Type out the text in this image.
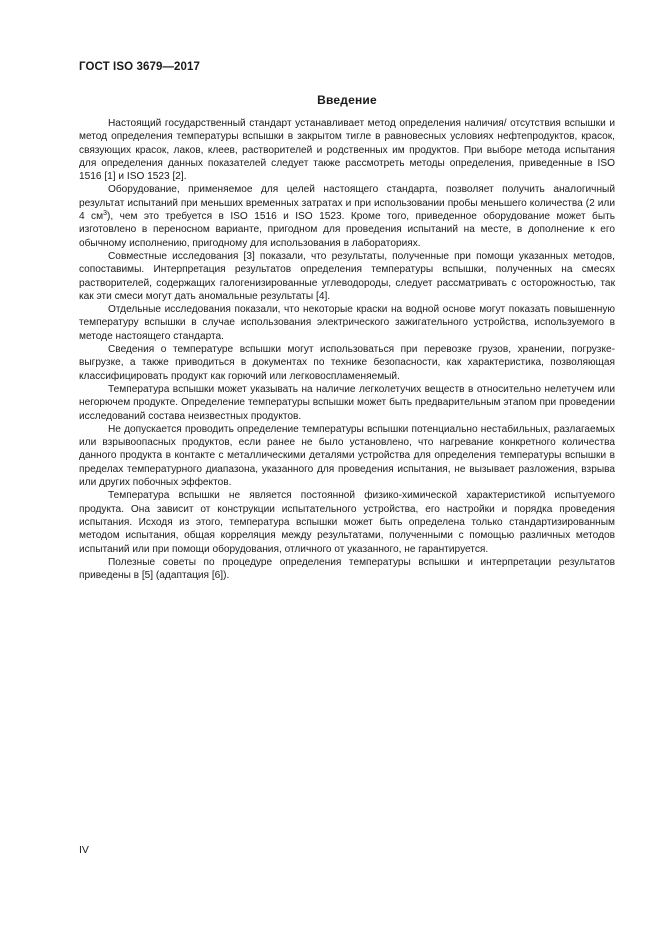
ГОСТ ISO 3679—2017
Введение

Настоящий государственный стандарт устанавливает метод определения наличия/ отсутствия вспышки и метод определения температуры вспышки в закрытом тигле в равновесных условиях нефтепродуктов, красок, связующих красок, лаков, клеев, растворителей и родственных им продуктов. При выборе метода испытания для определения данных показателей следует также рассмотреть методы определения, приведенные в ISO 1516 [1] и ISO 1523 [2].

Оборудование, применяемое для целей настоящего стандарта, позволяет получить аналогичный результат испытаний при меньших временных затратах и при использовании пробы меньшего количества (2 или 4 $см^3$), чем это требуется в ISO 1516 и ISO 1523. Кроме того, приведенное оборудование может быть изготовлено в переносном варианте, пригодном для проведения испытаний на месте, в дополнение к его обычному исполнению, пригодному для использования в лабораториях.

Совместные исследования [3] показали, что результаты, полученные при помощи указанных методов, сопоставимы. Интерпретация результатов определения температуры вспышки, полученных на смесях растворителей, содержащих галогенизированные углеводороды, следует рассматривать с осторожностью, так как эти смеси могут дать аномальные результаты [4].

Отдельные исследования показали, что некоторые краски на водной основе могут показать повышенную температуру вспышки в случае использования электрического зажигательного устройства, используемого в методе настоящего стандарта.

Сведения о температуре вспышки могут использоваться при перевозке грузов, хранении, погрузке-выгрузке, а также приводиться в документах по технике безопасности, как характеристика, позволяющая классифицировать продукт как горючий или легковоспламеняемый.

Температура вспышки может указывать на наличие легколетучих веществ в относительно нелетучем или негорючем продукте. Определение температуры вспышки может быть предварительным этапом при проведении исследований состава неизвестных продуктов.

Не допускается проводить определение температуры вспышки потенциально нестабильных, разлагаемых или взрывоопасных продуктов, если ранее не было установлено, что нагревание конкретного количества данного продукта в контакте с металлическими деталями устройства для определения температуры вспышки в пределах температурного диапазона, указанного для проведения испытания, не вызывает разложения, взрыва или других побочных эффектов.

Температура вспышки не является постоянной физико-химической характеристикой испытуемого продукта. Она зависит от конструкции испытательного устройства, его настройки и порядка проведения испытания. Исходя из этого, температура вспышки может быть определена только стандартизированным методом испытания, общая корреляция между результатами, полученными с помощью различных методов испытаний или при помощи оборудования, отличного от указанного, не гарантируется.

Полезные советы по процедуре определения температуры вспышки и интерпретации результатов приведены в [5] (адаптация [6]).

IV
